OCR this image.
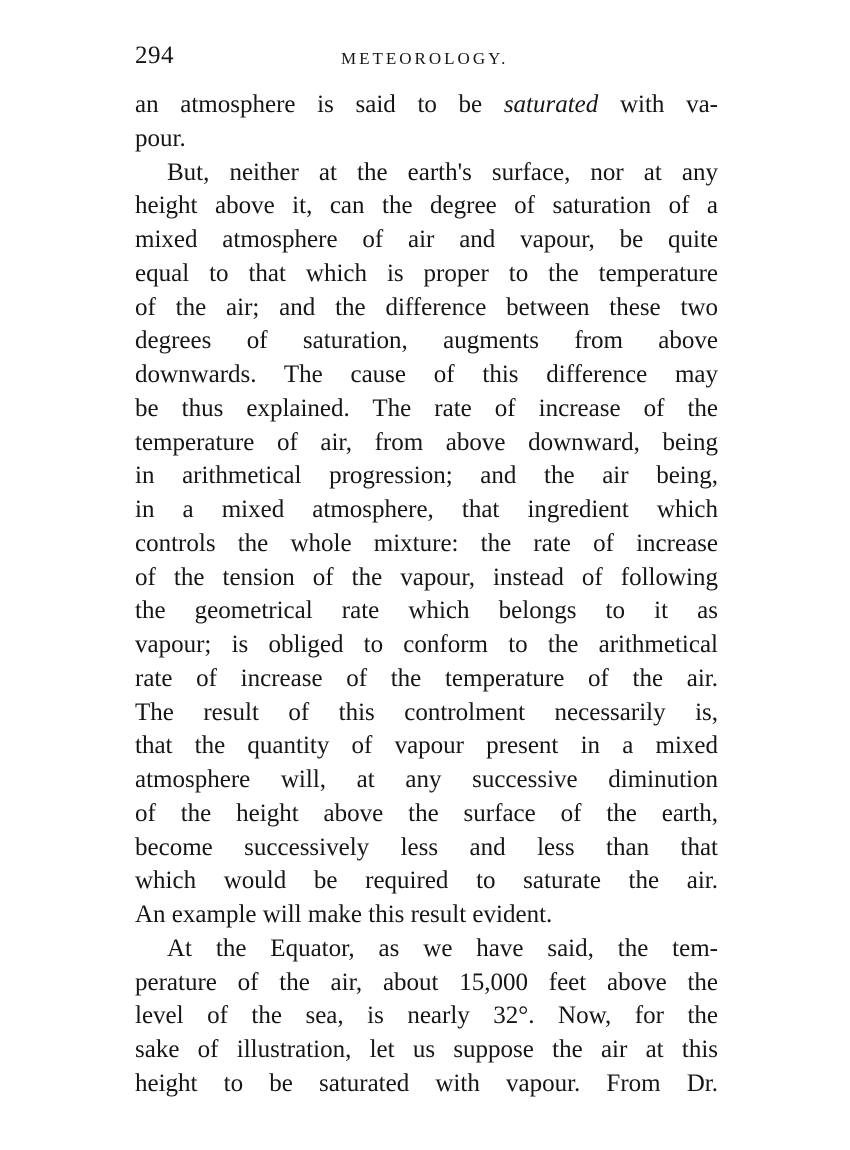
294	METEOROLOGY.
an atmosphere is said to be saturated with va-
pour.
But, neither at the earth's surface, nor at any
height above it, can the degree of saturation of a
mixed atmosphere of air and vapour, be quite
equal to that which is proper to the temperature
of the air; and the difference between these two
degrees of saturation, augments from above
downwards. The cause of this difference may
be thus explained. The rate of increase of the
temperature of air, from above downward, being
in arithmetical progression; and the air being,
in a mixed atmosphere, that ingredient which
controls the whole mixture: the rate of increase
of the tension of the vapour, instead of following
the geometrical rate which belongs to it as
vapour; is obliged to conform to the arithmetical
rate of increase of the temperature of the air.
The result of this controlment necessarily is,
that the quantity of vapour present in a mixed
atmosphere will, at any successive diminution
of the height above the surface of the earth,
become successively less and less than that
which would be required to saturate the air.
An example will make this result evident.
At the Equator, as we have said, the tem-
perature of the air, about 15,000 feet above the
level of the sea, is nearly 32°. Now, for the
sake of illustration, let us suppose the air at this
height to be saturated with vapour. From Dr.
